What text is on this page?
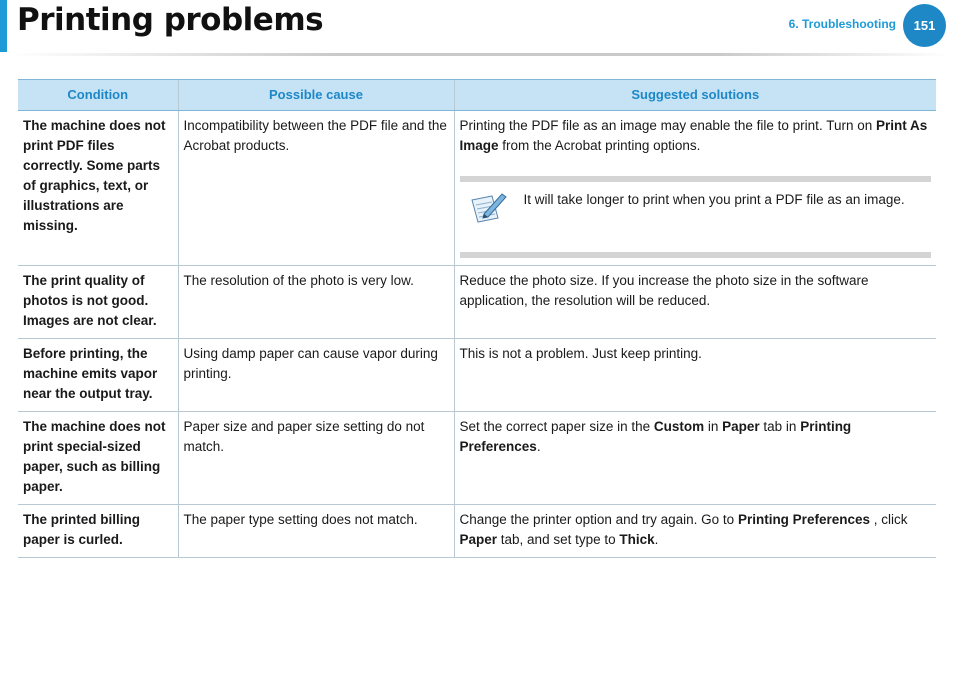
Printing problems	6. Troubleshooting 151
Condition	Possible cause	Suggested solutions
The machine does not print PDF files correctly. Some parts of graphics, text, or illustrations are missing.	Incompatibility between the PDF file and the Acrobat products.	Printing the PDF file as an image may enable the file to print. Turn on Print As Image from the Acrobat printing options.
It will take longer to print when you print a PDF file as an image.

The print quality of photos is not good. Images are not clear.	The resolution of the photo is very low.	Reduce the photo size. If you increase the photo size in the software application, the resolution will be reduced.
Before printing, the machine emits vapor near the output tray.	Using damp paper can cause vapor during printing.	This is not a problem. Just keep printing.
The machine does not print special-sized paper, such as billing paper.	Paper size and paper size setting do not match.	Set the correct paper size in the Custom in Paper tab in Printing Preferences.
The printed billing paper is curled.	The paper type setting does not match.	Change the printer option and try again. Go to Printing Preferences , click Paper tab, and set type to Thick.
